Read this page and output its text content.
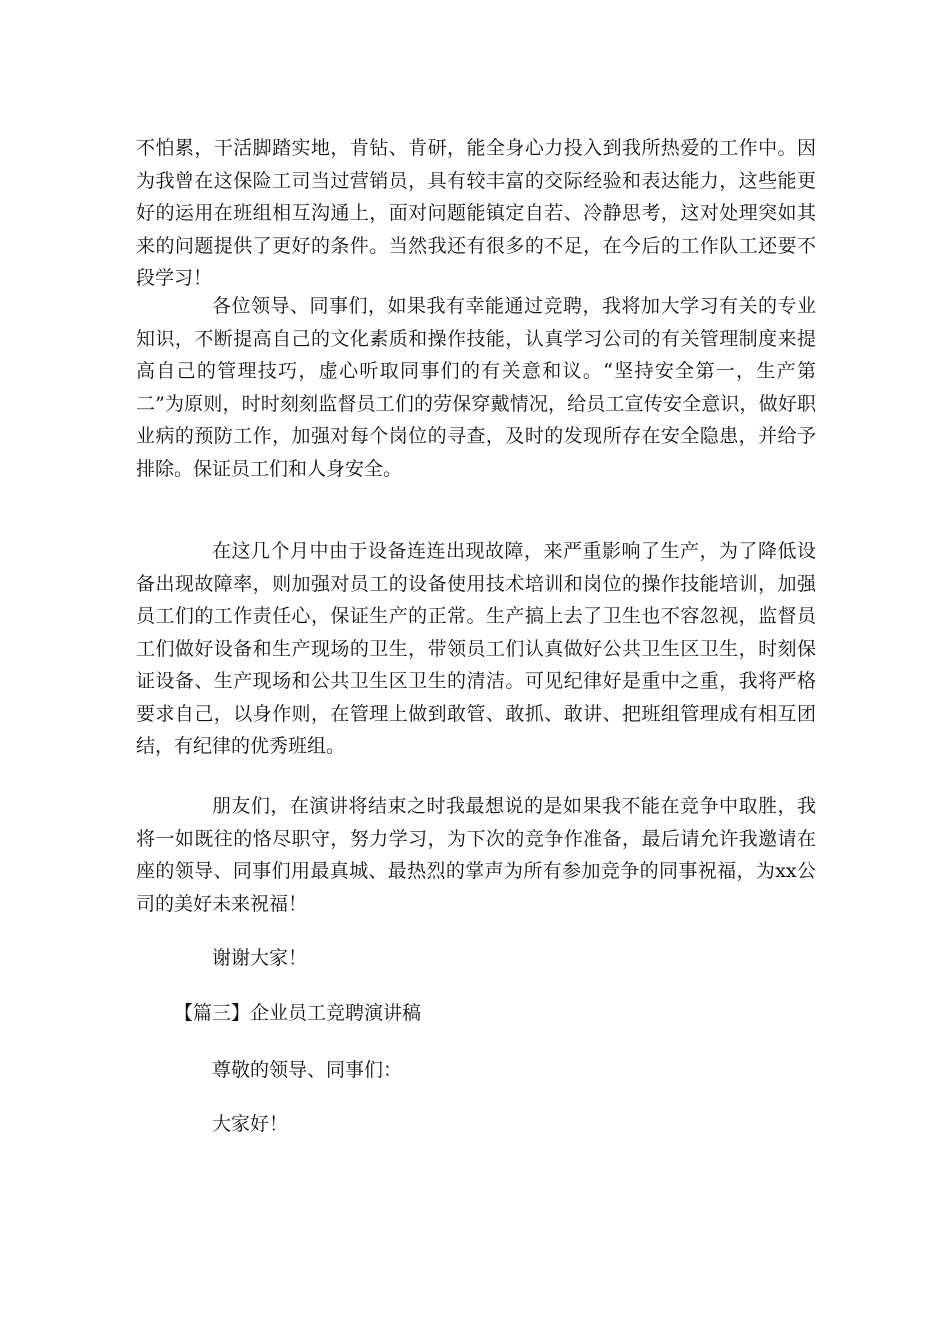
不怕累，干活脚踏实地，肯钻、肯研，能全身心力投入到我所热爱的工作中。因为我曾在这保险工司当过营销员，具有较丰富的交际经验和表达能力，这些能更好的运用在班组相互沟通上，面对问题能镇定自若、冷静思考，这对处理突如其来的问题提供了更好的条件。当然我还有很多的不足，在今后的工作队工还要不段学习！

各位领导、同事们，如果我有幸能通过竞聘，我将加大学习有关的专业知识，不断提高自己的文化素质和操作技能，认真学习公司的有关管理制度来提高自己的管理技巧，虚心听取同事们的有关意和议。“坚持安全第一，生产第二”为原则，时时刻刻监督员工们的劳保穿戴情况，给员工宣传安全意识，做好职业病的预防工作，加强对每个岗位的寻查，及时的发现所存在安全隐患，并给予排除。保证员工们和人身安全。

在这几个月中由于设备连连出现故障，来严重影响了生产，为了降低设备出现故障率，则加强对员工的设备使用技术培训和岗位的操作技能培训，加强员工们的工作责任心，保证生产的正常。生产搞上去了卫生也不容忽视，监督员工们做好设备和生产现场的卫生，带领员工们认真做好公共卫生区卫生，时刻保证设备、生产现场和公共卫生区卫生的清洁。可见纪律好是重中之重，我将严格要求自己，以身作则，在管理上做到敢管、敢抓、敢讲、把班组管理成有相互团结，有纪律的优秀班组。

朋友们，在演讲将结束之时我最想说的是如果我不能在竞争中取胜，我将一如既往的恪尽职守，努力学习，为下次的竞争作准备，最后请允许我邀请在座的领导、同事们用最真城、最热烈的掌声为所有参加竞争的同事祝福，为xx公司的美好未来祝福！

谢谢大家！

【篇三】企业员工竞聘演讲稿

尊敬的领导、同事们：

大家好！
